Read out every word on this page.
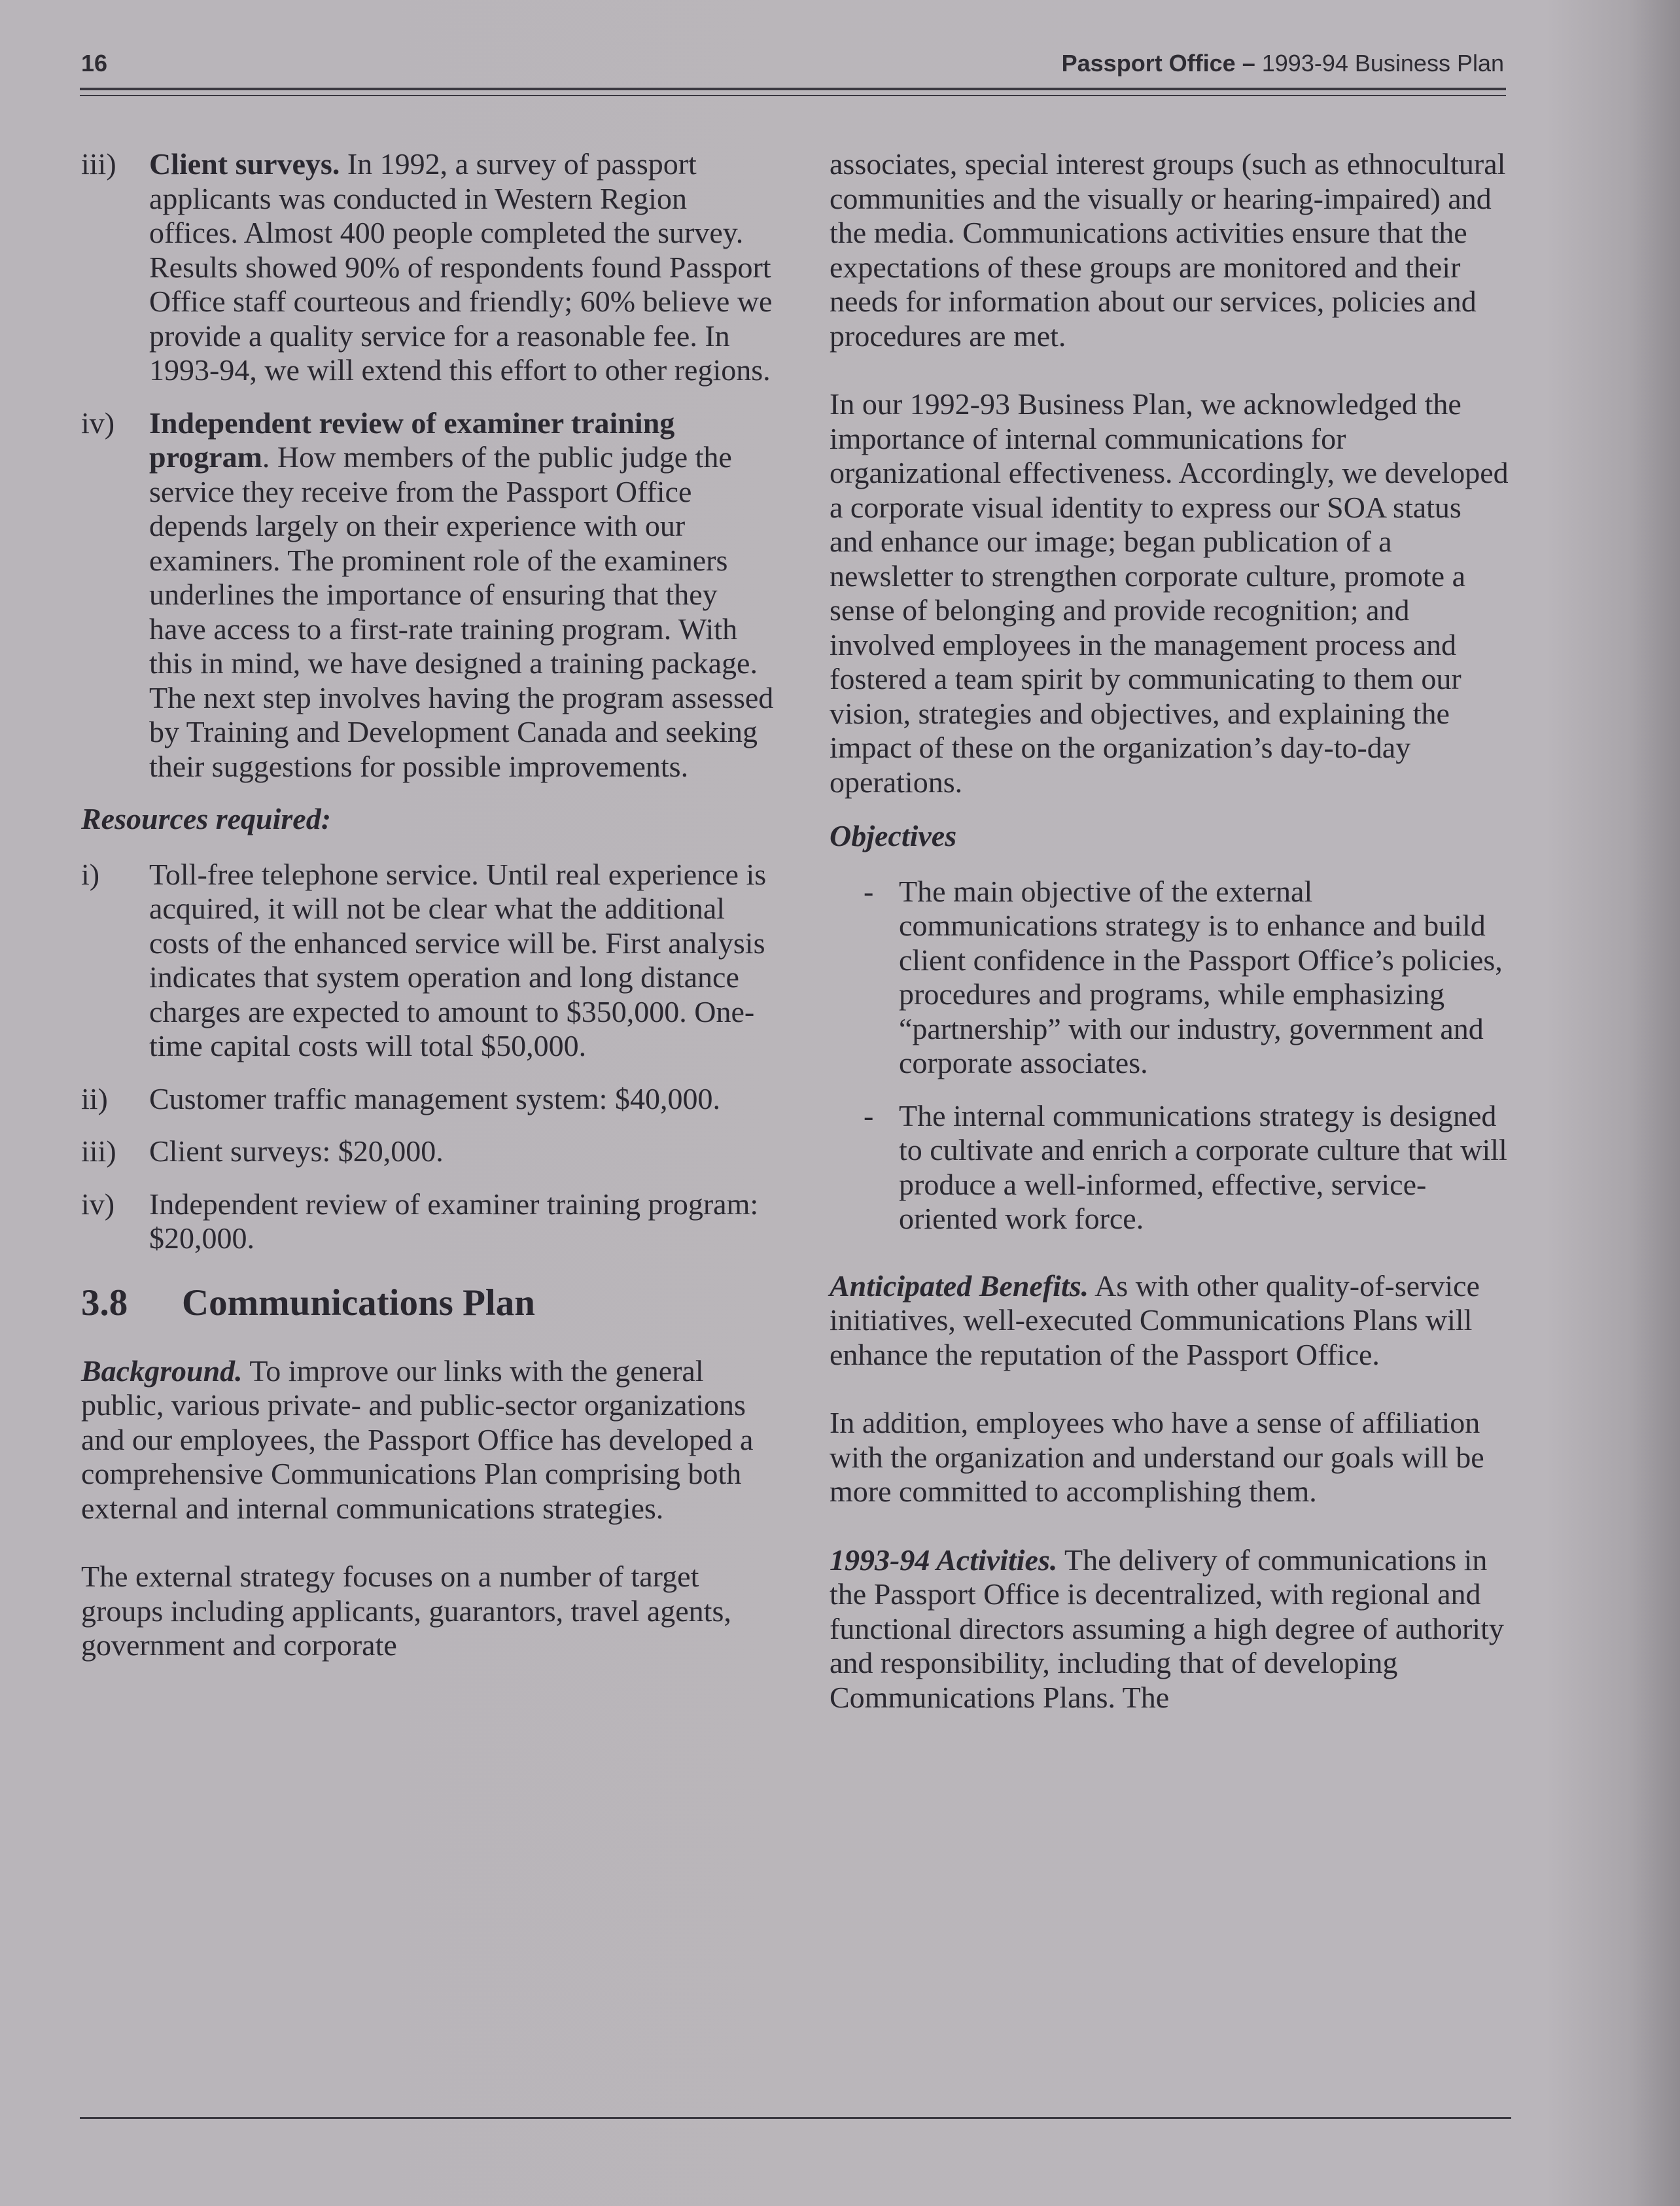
16	Passport Office – 1993-94 Business Plan
iii) Client surveys. In 1992, a survey of passport applicants was conducted in Western Region offices. Almost 400 people completed the survey. Results showed 90% of respondents found Passport Office staff courteous and friendly; 60% believe we provide a quality service for a reasonable fee. In 1993-94, we will extend this effort to other regions.

iv) Independent review of examiner training program. How members of the public judge the service they receive from the Passport Office depends largely on their experience with our examiners. The prominent role of the examiners underlines the importance of ensuring that they have access to a first-rate training program. With this in mind, we have designed a training package. The next step involves having the program assessed by Training and Development Canada and seeking their suggestions for possible improvements.

Resources required:

i) Toll-free telephone service. Until real experience is acquired, it will not be clear what the additional costs of the enhanced service will be. First analysis indicates that system operation and long distance charges are expected to amount to $350,000. One-time capital costs will total $50,000.

ii) Customer traffic management system: $40,000.

iii) Client surveys: $20,000.

iv) Independent review of examiner training program: $20,000.

3.8 Communications Plan

Background. To improve our links with the general public, various private- and public-sector organizations and our employees, the Passport Office has developed a comprehensive Communications Plan comprising both external and internal communications strategies.

The external strategy focuses on a number of target groups including applicants, guarantors, travel agents, government and corporate

associates, special interest groups (such as ethnocultural communities and the visually or hearing-impaired) and the media. Communications activities ensure that the expectations of these groups are monitored and their needs for information about our services, policies and procedures are met.

In our 1992-93 Business Plan, we acknowledged the importance of internal communications for organizational effectiveness. Accordingly, we developed a corporate visual identity to express our SOA status and enhance our image; began publication of a newsletter to strengthen corporate culture, promote a sense of belonging and provide recognition; and involved employees in the management process and fostered a team spirit by communicating to them our vision, strategies and objectives, and explaining the impact of these on the organization’s day-to-day operations.

Objectives

- The main objective of the external communications strategy is to enhance and build client confidence in the Passport Office’s policies, procedures and programs, while emphasizing “partnership” with our industry, government and corporate associates.

- The internal communications strategy is designed to cultivate and enrich a corporate culture that will produce a well-informed, effective, service-oriented work force.

Anticipated Benefits. As with other quality-of-service initiatives, well-executed Communications Plans will enhance the reputation of the Passport Office.

In addition, employees who have a sense of affiliation with the organization and understand our goals will be more committed to accomplishing them.

1993-94 Activities. The delivery of communications in the Passport Office is decentralized, with regional and functional directors assuming a high degree of authority and responsibility, including that of developing Communications Plans. The
